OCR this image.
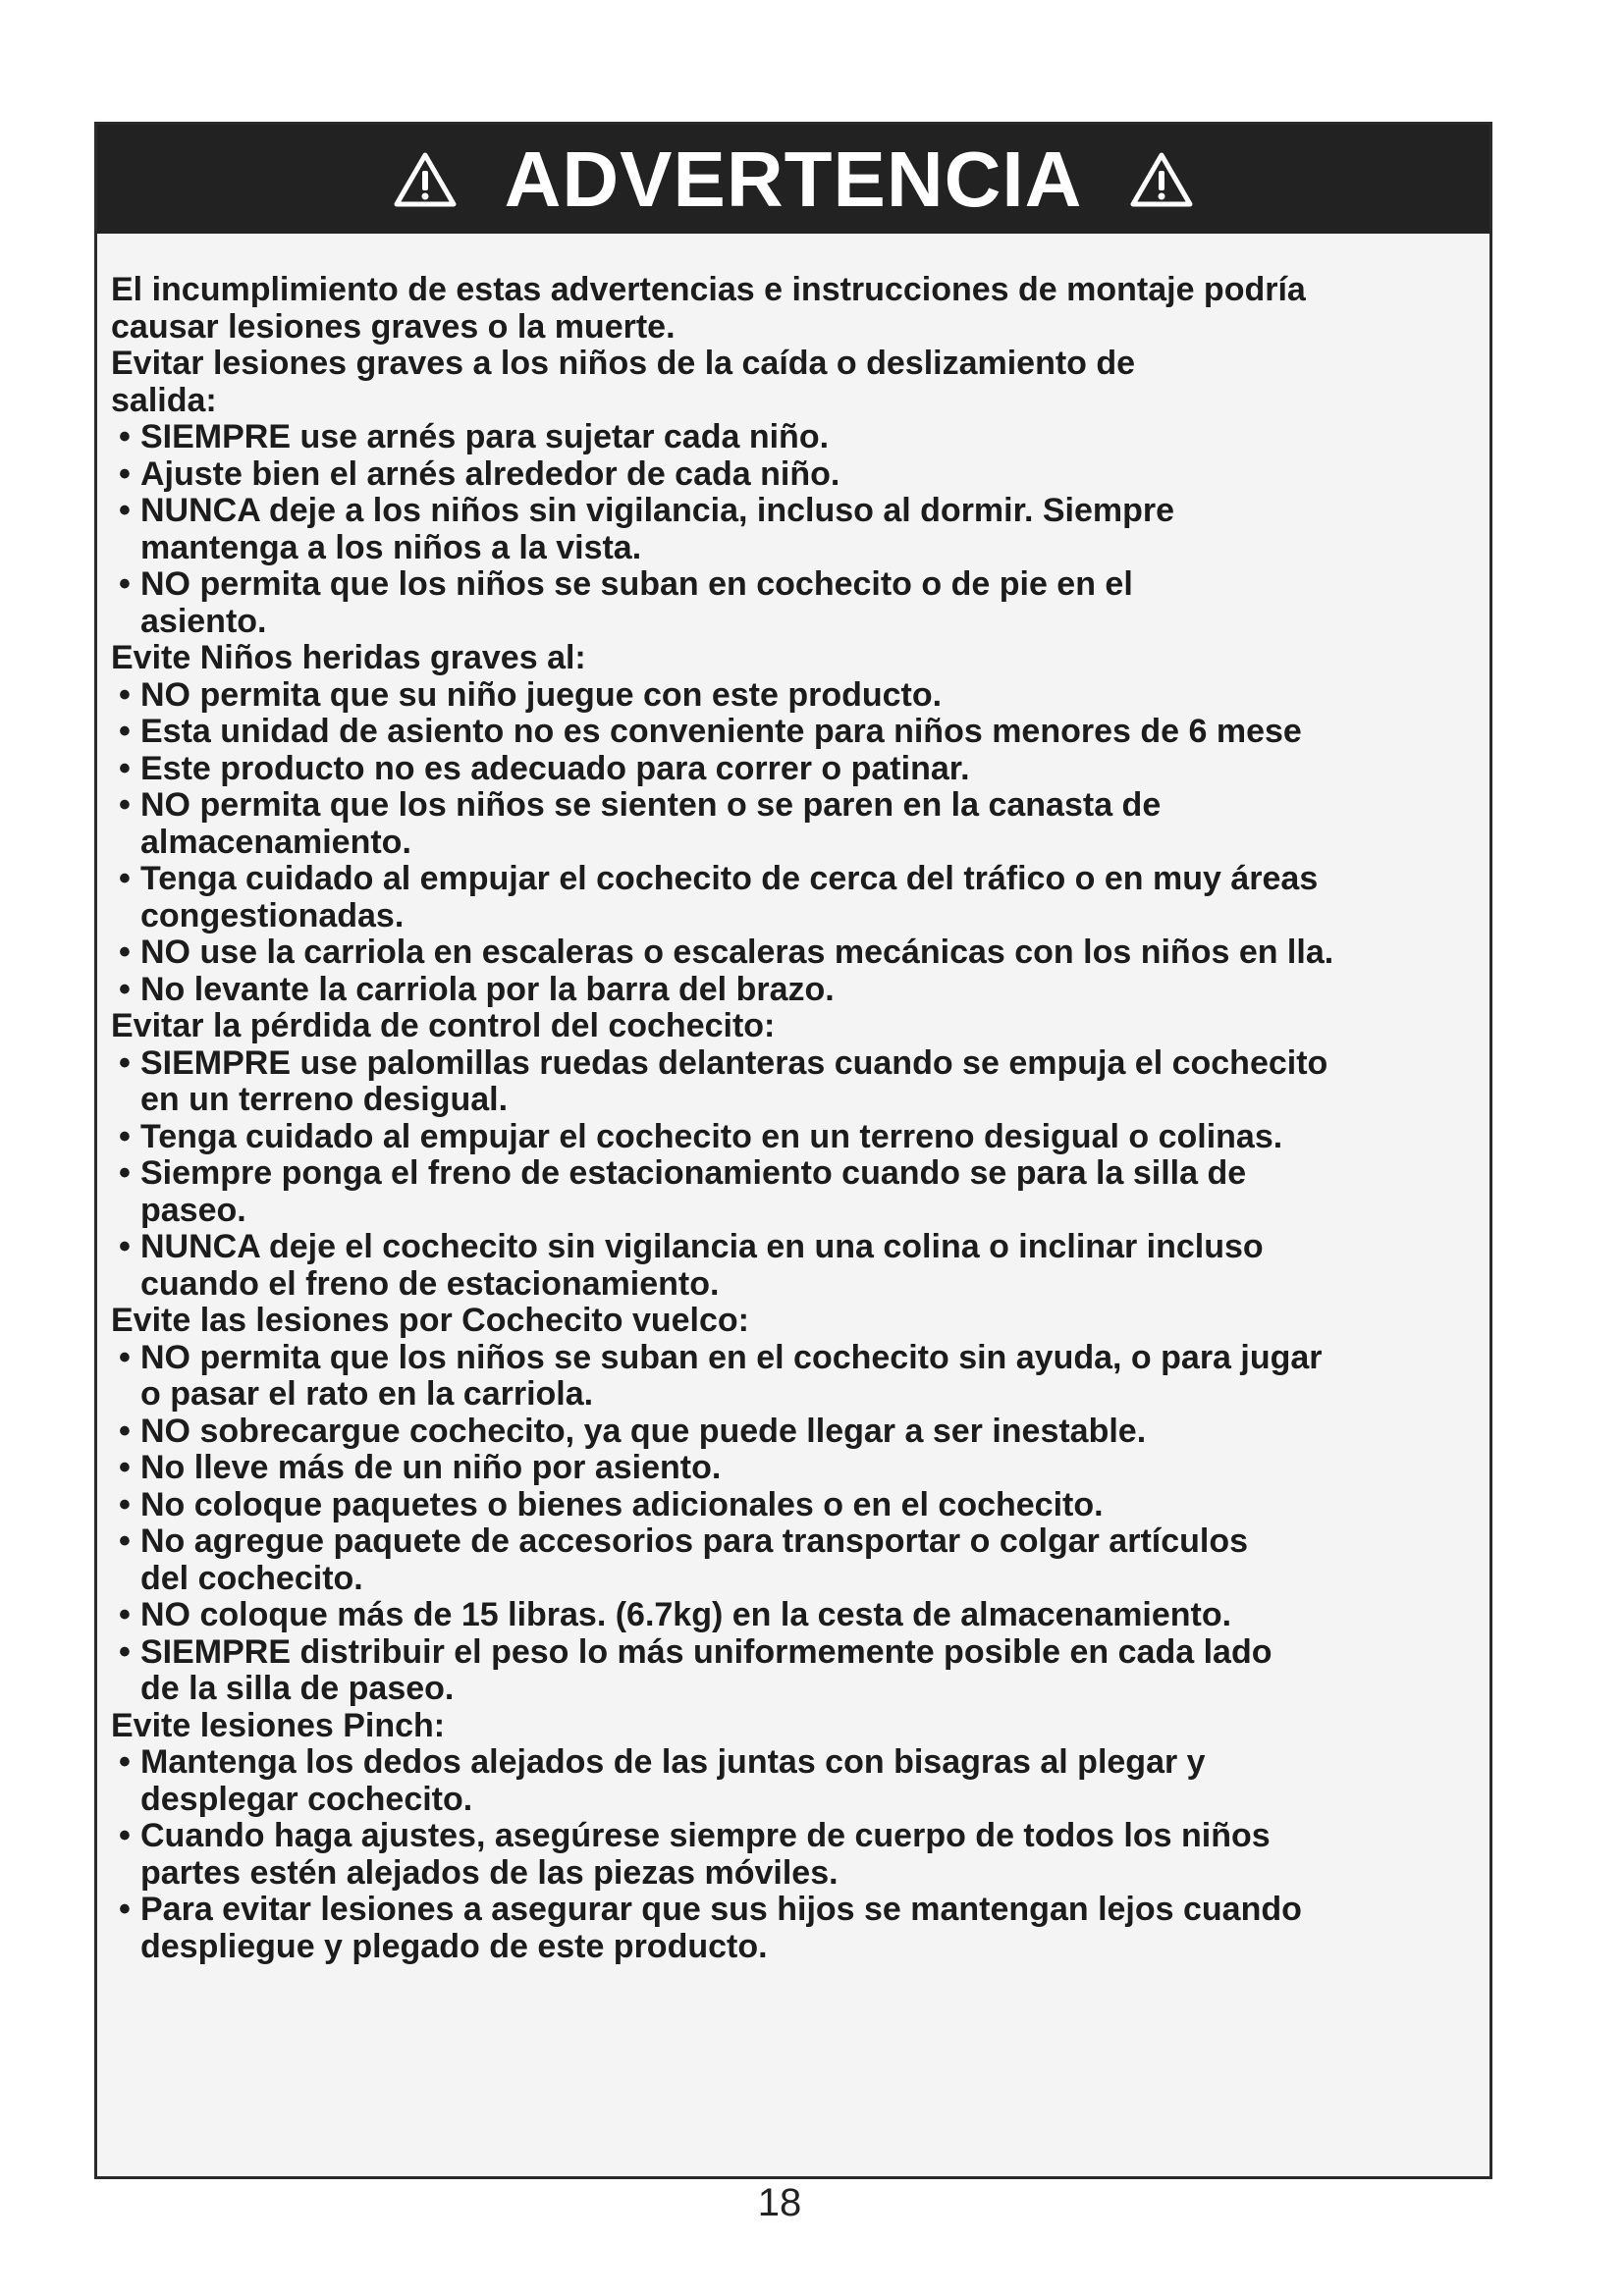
ADVERTENCIA

El incumplimiento de estas advertencias e instrucciones de montaje podría
causar lesiones graves o la muerte.

Evitar lesiones graves a los niños de la caída o deslizamiento de
salida:

• SIEMPRE use arnés para sujetar cada niño.

• Ajuste bien el arnés alrededor de cada niño.

• NUNCA deje a los niños sin vigilancia, incluso al dormir. Siempre
mantenga a los niños a la vista.

• NO permita que los niños se suban en cochecito o de pie en el
asiento.

Evite Niños heridas graves al:

• NO permita que su niño juegue con este producto.

• Esta unidad de asiento no es conveniente para niños menores de 6 mese

• Este producto no es adecuado para correr o patinar.

• NO permita que los niños se sienten o se paren en la canasta de
almacenamiento.

• Tenga cuidado al empujar el cochecito de cerca del tráfico o en muy áreas
congestionadas.

• NO use la carriola en escaleras o escaleras mecánicas con los niños en lla.

• No levante la carriola por la barra del brazo.

Evitar la pérdida de control del cochecito:

• SIEMPRE use palomillas ruedas delanteras cuando se empuja el cochecito
en un terreno desigual.

• Tenga cuidado al empujar el cochecito en un terreno desigual o colinas.

• Siempre ponga el freno de estacionamiento cuando se para la silla de
paseo.

• NUNCA deje el cochecito sin vigilancia en una colina o inclinar incluso
cuando el freno de estacionamiento.

Evite las lesiones por Cochecito vuelco:

• NO permita que los niños se suban en el cochecito sin ayuda, o para jugar
o pasar el rato en la carriola.

• NO sobrecargue cochecito, ya que puede llegar a ser inestable.

• No lleve más de un niño por asiento.

• No coloque paquetes o bienes adicionales o en el cochecito.

• No agregue paquete de accesorios para transportar o colgar artículos
del cochecito.

• NO coloque más de 15 libras. (6.7kg) en la cesta de almacenamiento.

• SIEMPRE distribuir el peso lo más uniformemente posible en cada lado
de la silla de paseo.

Evite lesiones Pinch:

• Mantenga los dedos alejados de las juntas con bisagras al plegar y
desplegar cochecito.

• Cuando haga ajustes, asegúrese siempre de cuerpo de todos los niños
partes estén alejados de las piezas móviles.

• Para evitar lesiones a asegurar que sus hijos se mantengan lejos cuando
despliegue y plegado de este producto.

18
